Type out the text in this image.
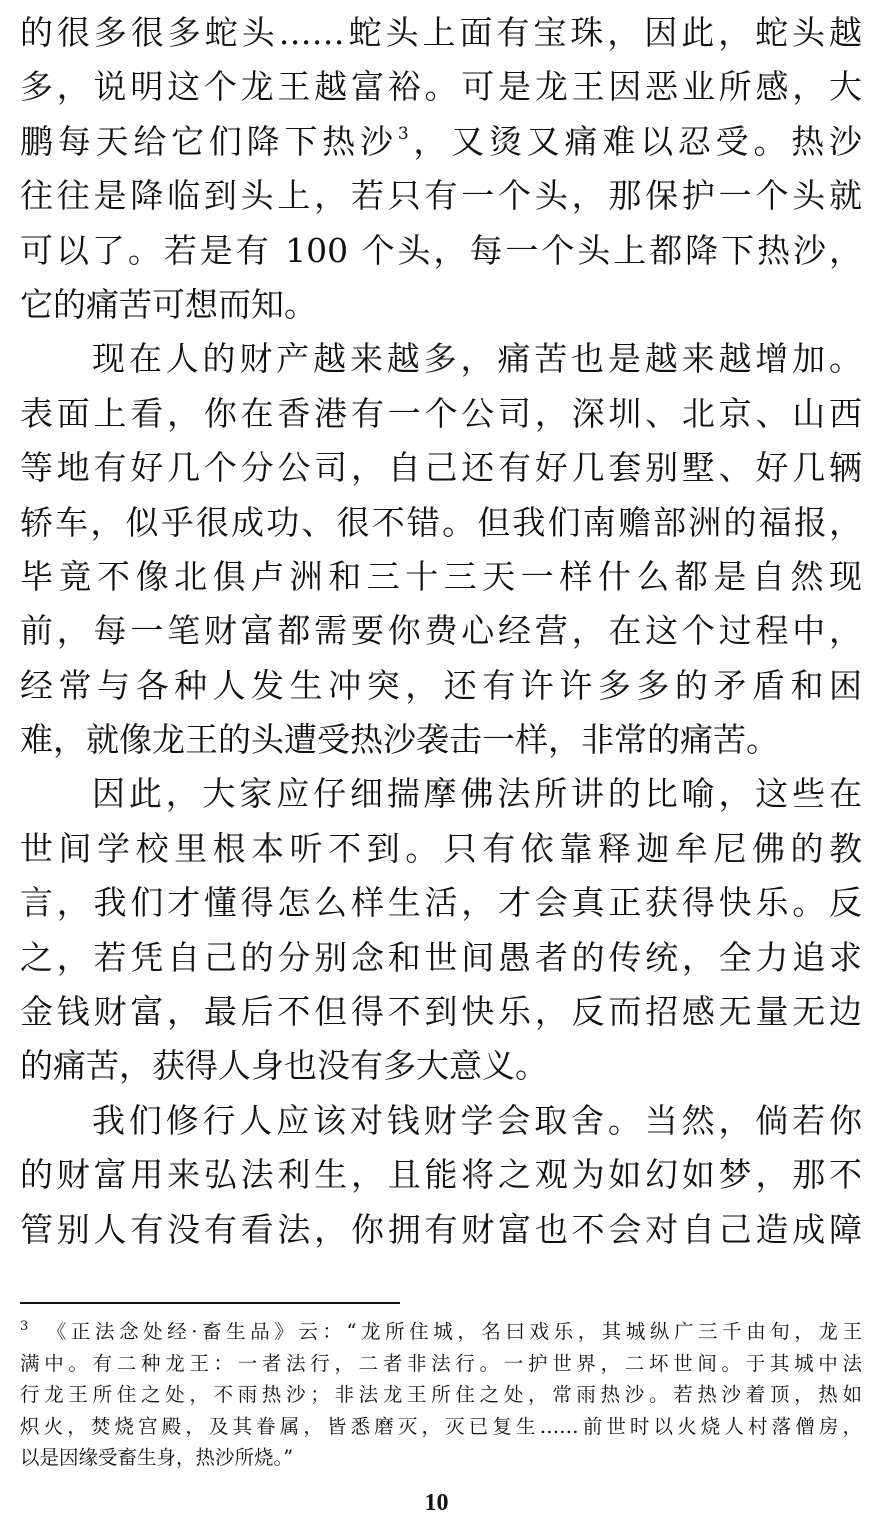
的很多很多蛇头……蛇头上面有宝珠，因此，蛇头越
多，说明这个龙王越富裕。可是龙王因恶业所感，大
鹏每天给它们降下热沙$^3$，又烫又痛难以忍受。热沙
往往是降临到头上，若只有一个头，那保护一个头就
可以了。若是有 100 个头，每一个头上都降下热沙，
它的痛苦可想而知。
现在人的财产越来越多，痛苦也是越来越增加。
表面上看，你在香港有一个公司，深圳、北京、山西
等地有好几个分公司，自己还有好几套别墅、好几辆
轿车，似乎很成功、很不错。但我们南赡部洲的福报，
毕竟不像北俱卢洲和三十三天一样什么都是自然现
前，每一笔财富都需要你费心经营，在这个过程中，
经常与各种人发生冲突，还有许许多多的矛盾和困
难，就像龙王的头遭受热沙袭击一样，非常的痛苦。
因此，大家应仔细揣摩佛法所讲的比喻，这些在
世间学校里根本听不到。只有依靠释迦牟尼佛的教
言，我们才懂得怎么样生活，才会真正获得快乐。反
之，若凭自己的分别念和世间愚者的传统，全力追求
金钱财富，最后不但得不到快乐，反而招感无量无边
的痛苦，获得人身也没有多大意义。
我们修行人应该对钱财学会取舍。当然，倘若你
的财富用来弘法利生，且能将之观为如幻如梦，那不
管别人有没有看法，你拥有财富也不会对自己造成障
$^3$ 《正法念处经·畜生品》云：“龙所住城，名曰戏乐，其城纵广三千由旬，龙王
满中。有二种龙王：一者法行，二者非法行。一护世界，二坏世间。于其城中法
行龙王所住之处，不雨热沙；非法龙王所住之处，常雨热沙。若热沙着顶，热如
炽火，焚烧宫殿，及其眷属，皆悉磨灭，灭已复生……前世时以火烧人村落僧房，
以是因缘受畜生身，热沙所烧。”
10
